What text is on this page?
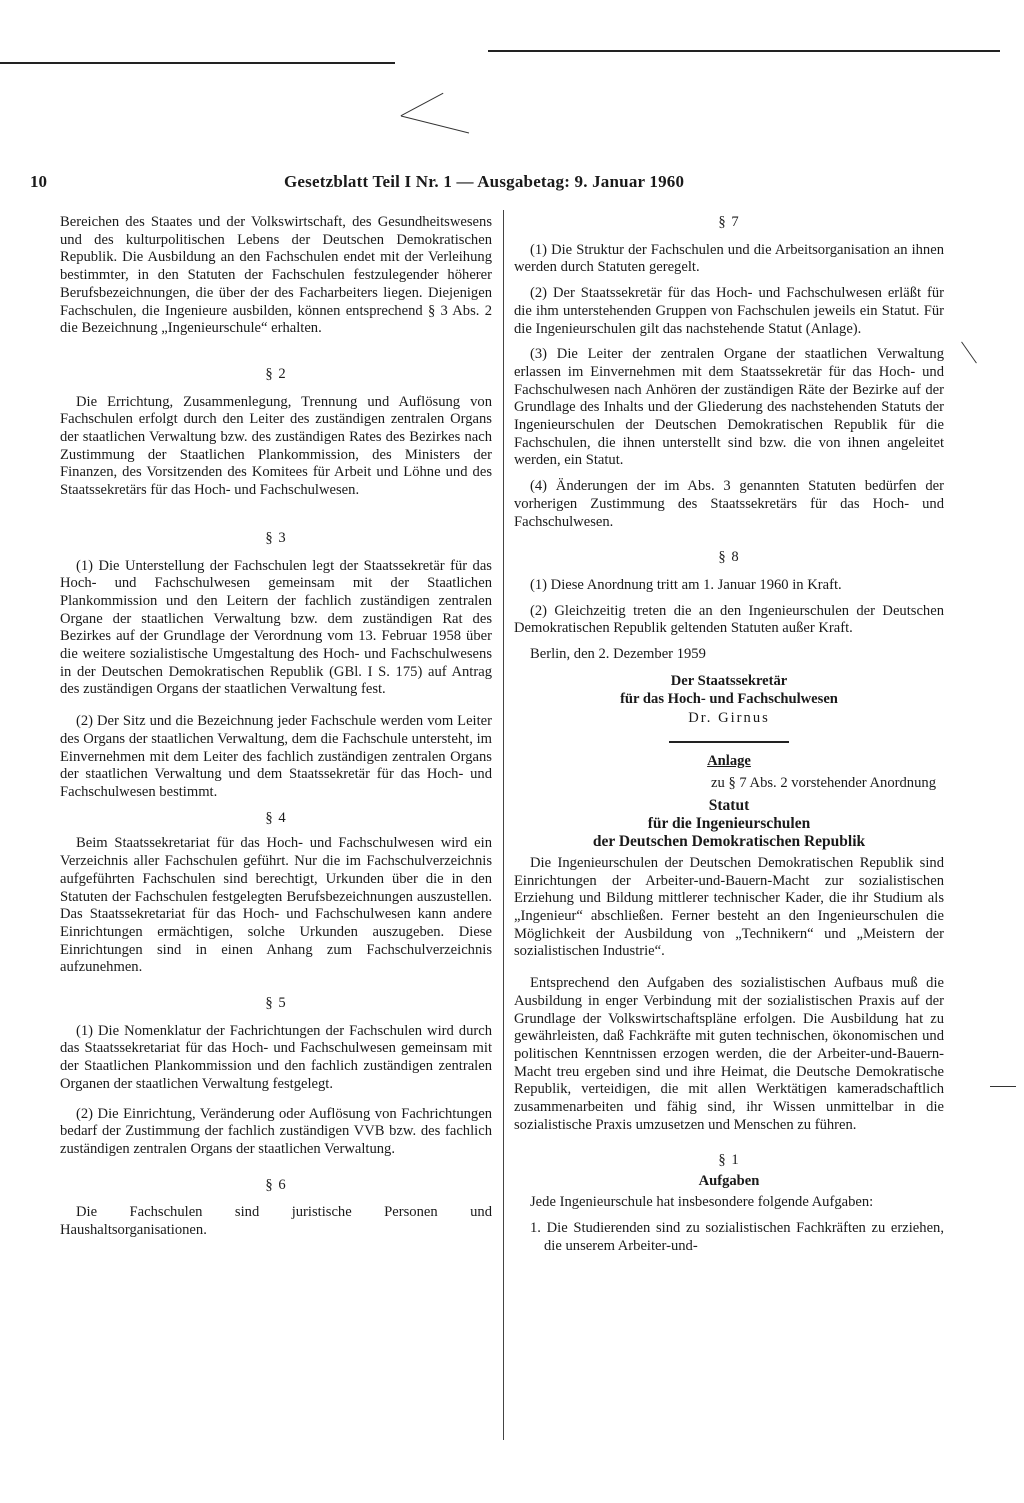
10	Gesetzblatt Teil I Nr. 1 — Ausgabetag: 9. Januar 1960

Bereichen des Staates und der Volkswirtschaft, des Gesundheitswesens und des kulturpolitischen Lebens der Deutschen Demokratischen Republik. Die Ausbildung an den Fachschulen endet mit der Verleihung bestimmter, in den Statuten der Fachschulen festzulegender höherer Berufsbezeichnungen, die über der des Facharbeiters liegen. Diejenigen Fachschulen, die Ingenieure ausbilden, können entsprechend § 3 Abs. 2 die Bezeichnung „Ingenieurschule“ erhalten.

§ 2

Die Errichtung, Zusammenlegung, Trennung und Auflösung von Fachschulen erfolgt durch den Leiter des zuständigen zentralen Organs der staatlichen Verwaltung bzw. des zuständigen Rates des Bezirkes nach Zustimmung der Staatlichen Plankommission, des Ministers der Finanzen, des Vorsitzenden des Komitees für Arbeit und Löhne und des Staatssekretärs für das Hoch- und Fachschulwesen.

§ 3

(1) Die Unterstellung der Fachschulen legt der Staatssekretär für das Hoch- und Fachschulwesen gemeinsam mit der Staatlichen Plankommission und den Leitern der fachlich zuständigen zentralen Organe der staatlichen Verwaltung bzw. dem zuständigen Rat des Bezirkes auf der Grundlage der Verordnung vom 13. Februar 1958 über die weitere sozialistische Umgestaltung des Hoch- und Fachschulwesens in der Deutschen Demokratischen Republik (GBl. I S. 175) auf Antrag des zuständigen Organs der staatlichen Verwaltung fest.

(2) Der Sitz und die Bezeichnung jeder Fachschule werden vom Leiter des Organs der staatlichen Verwaltung, dem die Fachschule untersteht, im Einvernehmen mit dem Leiter des fachlich zuständigen zentralen Organs der staatlichen Verwaltung und dem Staatssekretär für das Hoch- und Fachschulwesen bestimmt.

§ 4

Beim Staatssekretariat für das Hoch- und Fachschulwesen wird ein Verzeichnis aller Fachschulen geführt. Nur die im Fachschulverzeichnis aufgeführten Fachschulen sind berechtigt, Urkunden über die in den Statuten der Fachschulen festgelegten Berufsbezeichnungen auszustellen. Das Staatssekretariat für das Hoch- und Fachschulwesen kann andere Einrichtungen ermächtigen, solche Urkunden auszugeben. Diese Einrichtungen sind in einen Anhang zum Fachschulverzeichnis aufzunehmen.

§ 5

(1) Die Nomenklatur der Fachrichtungen der Fachschulen wird durch das Staatssekretariat für das Hoch- und Fachschulwesen gemeinsam mit der Staatlichen Plankommission und den fachlich zuständigen zentralen Organen der staatlichen Verwaltung festgelegt.

(2) Die Einrichtung, Veränderung oder Auflösung von Fachrichtungen bedarf der Zustimmung der fachlich zuständigen VVB bzw. des fachlich zuständigen zentralen Organs der staatlichen Verwaltung.

§ 6

Die Fachschulen sind juristische Personen und Haushaltsorganisationen.

§ 7

(1) Die Struktur der Fachschulen und die Arbeitsorganisation an ihnen werden durch Statuten geregelt.

(2) Der Staatssekretär für das Hoch- und Fachschulwesen erläßt für die ihm unterstehenden Gruppen von Fachschulen jeweils ein Statut. Für die Ingenieurschulen gilt das nachstehende Statut (Anlage).

(3) Die Leiter der zentralen Organe der staatlichen Verwaltung erlassen im Einvernehmen mit dem Staatssekretär für das Hoch- und Fachschulwesen nach Anhören der zuständigen Räte der Bezirke auf der Grundlage des Inhalts und der Gliederung des nachstehenden Statuts der Ingenieurschulen der Deutschen Demokratischen Republik für die Fachschulen, die ihnen unterstellt sind bzw. die von ihnen angeleitet werden, ein Statut.

(4) Änderungen der im Abs. 3 genannten Statuten bedürfen der vorherigen Zustimmung des Staatssekretärs für das Hoch- und Fachschulwesen.

§ 8

(1) Diese Anordnung tritt am 1. Januar 1960 in Kraft.

(2) Gleichzeitig treten die an den Ingenieurschulen der Deutschen Demokratischen Republik geltenden Statuten außer Kraft.

Berlin, den 2. Dezember 1959

Der Staatssekretär
für das Hoch- und Fachschulwesen
Dr. Girnus
Anlage
zu § 7 Abs. 2 vorstehender Anordnung
Statut
für die Ingenieurschulen
der Deutschen Demokratischen Republik

Die Ingenieurschulen der Deutschen Demokratischen Republik sind Einrichtungen der Arbeiter-und-Bauern-Macht zur sozialistischen Erziehung und Bildung mittlerer technischer Kader, die ihr Studium als „Ingenieur“ abschließen. Ferner besteht an den Ingenieurschulen die Möglichkeit der Ausbildung von „Technikern“ und „Meistern der sozialistischen Industrie“.

Entsprechend den Aufgaben des sozialistischen Aufbaus muß die Ausbildung in enger Verbindung mit der sozialistischen Praxis auf der Grundlage der Volkswirtschaftspläne erfolgen. Die Ausbildung hat zu gewährleisten, daß Fachkräfte mit guten technischen, ökonomischen und politischen Kenntnissen erzogen werden, die der Arbeiter-und-Bauern-Macht treu ergeben sind und ihre Heimat, die Deutsche Demokratische Republik, verteidigen, die mit allen Werktätigen kameradschaftlich zusammenarbeiten und fähig sind, ihr Wissen unmittelbar in die sozialistische Praxis umzusetzen und Menschen zu führen.

§ 1
Aufgaben

Jede Ingenieurschule hat insbesondere folgende Aufgaben:

1. Die Studierenden sind zu sozialistischen Fachkräften zu erziehen, die unserem Arbeiter-und-
